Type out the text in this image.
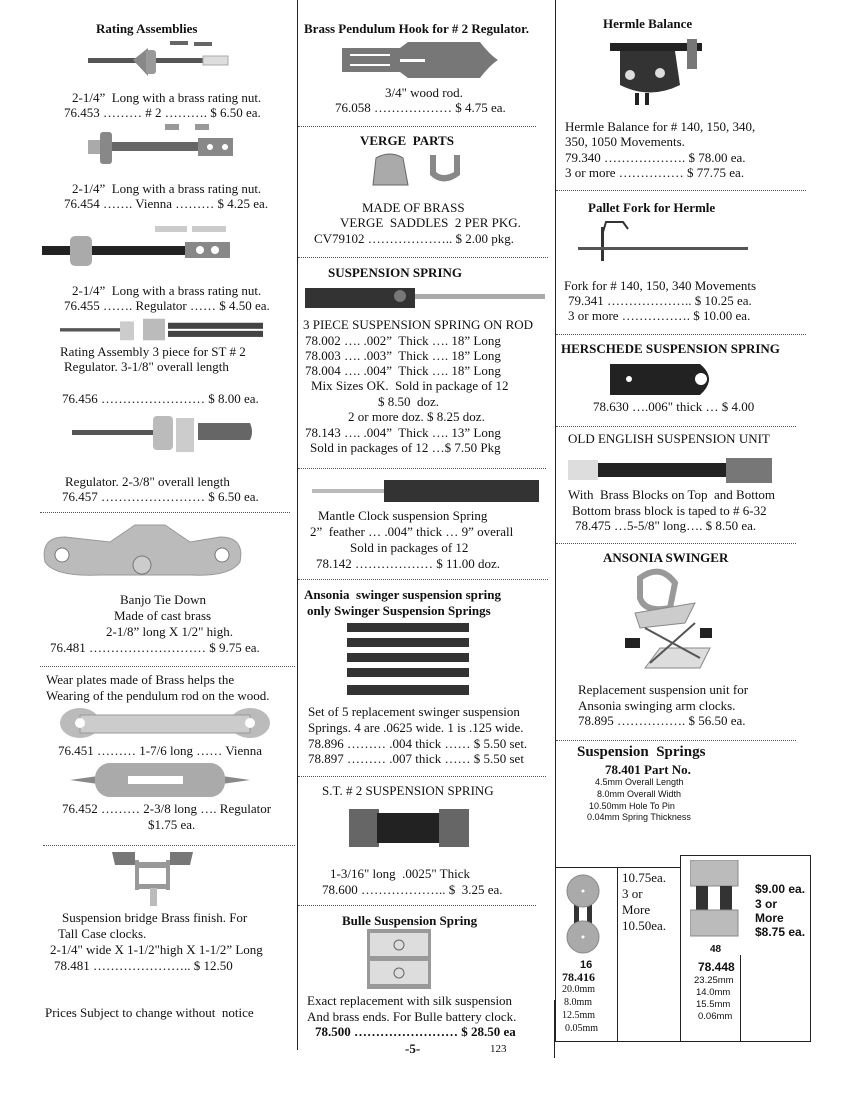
Rating Assemblies
2-1/4”  Long with a brass rating nut.
76.453 ……… # 2 ………. $ 6.50 ea.
2-1/4”  Long with a brass rating nut.
76.454 ……. Vienna ……… $ 4.25 ea.
2-1/4”  Long with a brass rating nut.
76.455 ……. Regulator …… $ 4.50 ea.
Rating Assembly 3 piece for ST # 2
Regulator. 3-1/8" overall length
76.456 …………………… $ 8.00 ea.
Regulator. 2-3/8" overall length
76.457 …………………… $ 6.50 ea.
Banjo Tie Down
Made of cast brass
2-1/8” long X 1/2" high.
76.481 ……………………… $ 9.75 ea.
Wear plates made of Brass helps the
Wearing of the pendulum rod on the wood.
76.451 ……… 1-7/6 long …… Vienna
76.452 ……… 2-3/8 long …. Regulator
$1.75 ea.
Suspension bridge Brass finish. For
Tall Case clocks.
2-1/4" wide X 1-1/2"high X 1-1/2” Long
78.481 ………………….. $ 12.50
Prices Subject to change without  notice
Brass Pendulum Hook for # 2 Regulator.
3/4" wood rod.
76.058 ……………… $ 4.75 ea.
VERGE  PARTS
MADE OF BRASS
VERGE  SADDLES  2 PER PKG.
CV79102 ……………….. $ 2.00 pkg.
SUSPENSION SPRING
3 PIECE SUSPENSION SPRING ON ROD
78.002 …. .002”  Thick …. 18” Long
78.003 …. .003”  Thick …. 18” Long
78.004 …. .004”  Thick …. 18” Long
Mix Sizes OK.  Sold in package of 12
$ 8.50  doz.
2 or more doz. $ 8.25 doz.
78.143 …. .004”  Thick …. 13” Long
Sold in packages of 12 …$ 7.50 Pkg
Mantle Clock suspension Spring
2”  feather … .004” thick … 9” overall
Sold in packages of 12
78.142 ……………… $ 11.00 doz.
Ansonia  swinger suspension spring
only Swinger Suspension Springs
Set of 5 replacement swinger suspension
Springs. 4 are .0625 wide. 1 is .125 wide.
78.896 ……… .004 thick …… $ 5.50 set.
78.897 ……… .007 thick …… $ 5.50 set
S.T. # 2 SUSPENSION SPRING
1-3/16" long  .0025" Thick
78.600 ……………….. $  3.25 ea.
Bulle Suspension Spring
Exact replacement with silk suspension
And brass ends. For Bulle battery clock.
78.500 …………………… $ 28.50 ea
-5-	123
Hermle Balance
Hermle Balance for # 140, 150, 340,
350, 1050 Movements.
79.340 ………………. $ 78.00 ea.
3 or more …………… $ 77.75 ea.
Pallet Fork for Hermle
Fork for # 140, 150, 340 Movements
79.341 ……………….. $ 10.25 ea.
3 or more ……………. $ 10.00 ea.
HERSCHEDE SUSPENSION SPRING
78.630 ….006" thick … $ 4.00
OLD ENGLISH SUSPENSION UNIT
With  Brass Blocks on Top  and Bottom
Bottom brass block is taped to # 6-32
78.475 …5-5/8" long…. $ 8.50 ea.
ANSONIA SWINGER
Replacement suspension unit for
Ansonia swinging arm clocks.
78.895 ……………. $ 56.50 ea.
Suspension  Springs
78.401 Part No.
4.5mm Overall Length
8.0mm Overall Width
10.50mm Hole To Pin
0.04mm Spring Thickness
16
78.416
20.0mm
8.0mm
12.5mm
0.05mm
10.75ea.
3 or
More
10.50ea.
48
78.448
23.25mm
14.0mm
15.5mm
0.06mm
$9.00 ea.
3 or
More
$8.75 ea.
